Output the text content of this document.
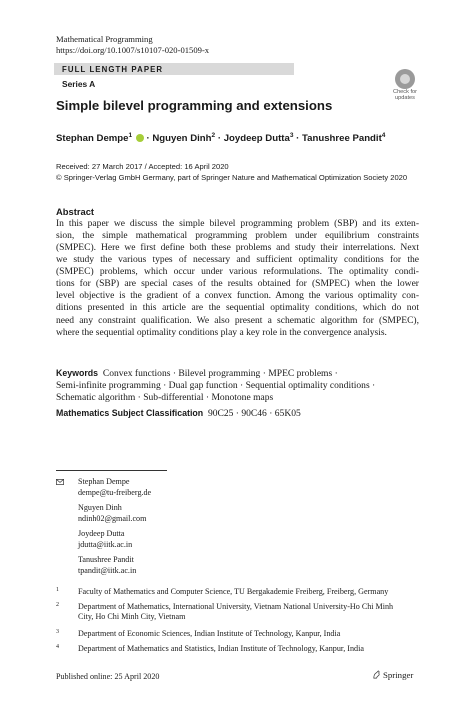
Mathematical Programming
https://doi.org/10.1007/s10107-020-01509-x
FULL LENGTH PAPER
Series A
Check for
updates
Simple bilevel programming and extensions
Stephan Dempe$^1$ · Nguyen Dinh$^2$ · Joydeep Dutta$^3$ · Tanushree Pandit$^4$
Received: 27 March 2017 / Accepted: 16 April 2020
© Springer-Verlag GmbH Germany, part of Springer Nature and Mathematical Optimization Society 2020
Abstract
In this paper we discuss the simple bilevel programming problem (SBP) and its exten-
sion, the simple mathematical programming problem under equilibrium constraints
(SMPEC). Here we first define both these problems and study their interrelations. Next
we study the various types of necessary and sufficient optimality conditions for the
(SMPEC) problems, which occur under various reformulations. The optimality condi-
tions for (SBP) are special cases of the results obtained for (SMPEC) when the lower
level objective is the gradient of a convex function. Among the various optimality con-
ditions presented in this article are the sequential optimality conditions, which do not
need any constraint qualification. We also present a schematic algorithm for (SMPEC),
where the sequential optimality conditions play a key role in the convergence analysis.
Keywords Convex functions · Bilevel programming · MPEC problems ·
Semi-infinite programming · Dual gap function · Sequential optimality conditions ·
Schematic algorithm · Sub-differential · Monotone maps
Mathematics Subject Classification 90C25 · 90C46 · 65K05
Stephan Dempe
dempe@tu-freiberg.de
Nguyen Dinh
ndinh02@gmail.com
Joydeep Dutta
jdutta@iitk.ac.in
Tanushree Pandit
tpandit@iitk.ac.in
1 Faculty of Mathematics and Computer Science, TU Bergakademie Freiberg, Freiberg, Germany
2 Department of Mathematics, International University, Vietnam National University-Ho Chi Minh
City, Ho Chi Minh City, Vietnam
3 Department of Economic Sciences, Indian Institute of Technology, Kanpur, India
4 Department of Mathematics and Statistics, Indian Institute of Technology, Kanpur, India
Published online: 25 April 2020	Springer
